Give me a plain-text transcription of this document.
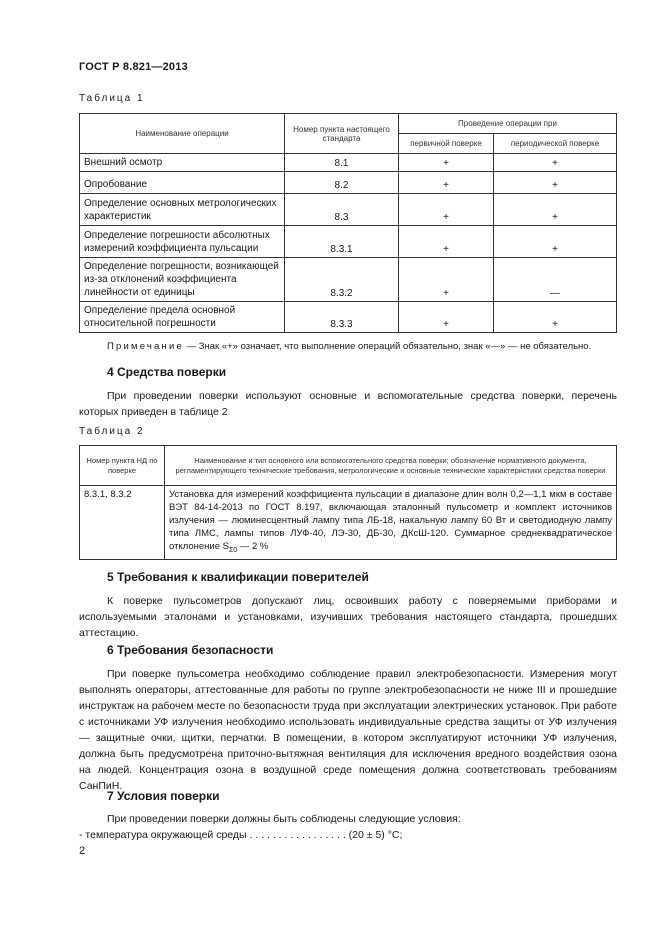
ГОСТ Р 8.821—2013
Таблица 1
Наименование операции	Номер пункта настоящего стандарта	Проведение операции при	
		первичной поверке	периодической поверке
Внешний осмотр	8.1	+	+
Опробование	8.2	+	+
Определение основных метрологических характеристик	8.3	+	+
Определение погрешности абсолютных измерений коэффициента пульсации	8.3.1	+	+
Определение погрешности, возникающей из-за отклонений коэффициента линейности от единицы	8.3.2	+	—
Определение предела основной относительной погрешности	8.3.3	+	+
Примечание — Знак «+» означает, что выполнение операций обязательно, знак «—» — не обязательно.
4 Средства поверки
При проведении поверки используют основные и вспомогательные средства поверки, перечень которых приведен в таблице 2
Таблица 2
Номер пункта НД по поверке	Наименование и тип основного или вспомогательного средства поверки; обозначение нормативного документа, регламентирующего технические требования, метрологические и основные технические характеристики средства поверки
8.3.1, 8.3.2	Установка для измерений коэффициента пульсации в диапазоне длин волн 0,2—1,1 мкм в составе ВЭТ 84-14-2013 по ГОСТ 8.197, включающая эталонный пульсометр и комплект источников излучения — люминесцентный лампу типа ЛБ-18, накальную лампу 60 Вт и светодиодную лампу типа ЛМС, лампы типов ЛУФ-40, ЛЭ-30, ДБ-30, ДКсШ-120. Суммарное среднеквадратическое отклонение $S_{\Sigma 0}$ — 2 %
5 Требования к квалификации поверителей
К поверке пульсометров допускают лиц, освоивших работу с поверяемыми приборами и используемыми эталонами и установками, изучивших требования настоящего стандарта, прошедших аттестацию.
6 Требования безопасности
При поверке пульсометра необходимо соблюдение правил электробезопасности. Измерения могут выполнять операторы, аттестованные для работы по группе электробезопасности не ниже III и прошедшие инструктаж на рабочем месте по безопасности труда при эксплуатации электрических установок. При работе с источниками УФ излучения необходимо использовать индивидуальные средства защиты от УФ излучения — защитные очки, щитки, перчатки. В помещении, в котором эксплуатируют источники УФ излучения, должна быть предусмотрена приточно-вытяжная вентиляция для исключения вредного воздействия озона на людей. Концентрация озона в воздушной среде помещения должна соответствовать требованиям СанПиН.
7 Условия поверки
При проведении поверки должны быть соблюдены следующие условия:
- температура окружающей среды . . . . . . . . . . . . . . . . . (20 ± 5) °С;
2
